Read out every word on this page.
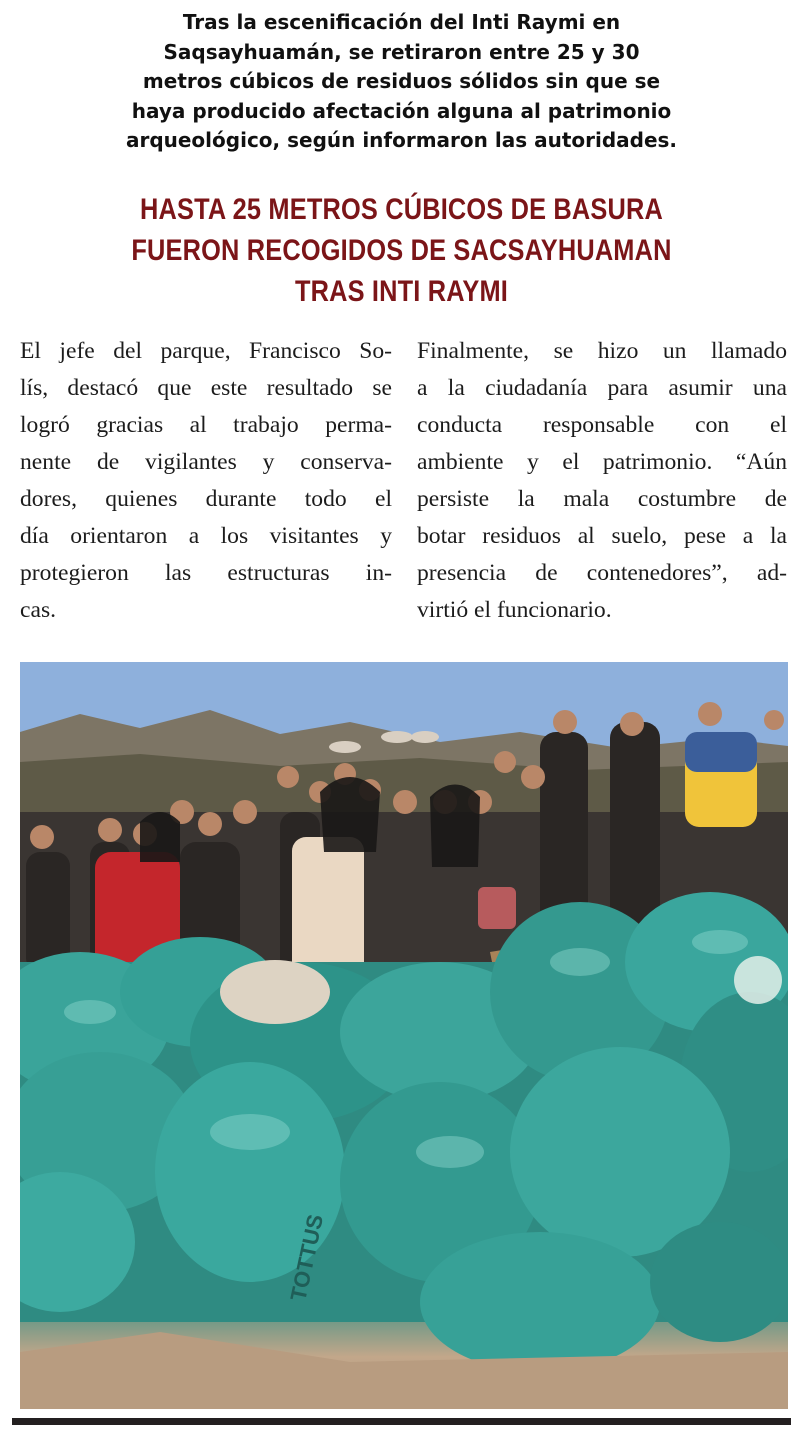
Tras la escenificación del Inti Raymi en
Saqsayhuamán, se retiraron entre 25 y 30
metros cúbicos de residuos sólidos sin que se
haya producido afectación alguna al patrimonio
arqueológico, según informaron las autoridades.
HASTA 25 METROS CÚBICOS DE BASURA
FUERON RECOGIDOS DE SACSAYHUAMAN
TRAS INTI RAYMI
El jefe del parque, Francisco So-
lís, destacó que este resultado se
logró gracias al trabajo perma-
nente de vigilantes y conserva-
dores, quienes durante todo el
día orientaron a los visitantes y
protegieron las estructuras in-
cas.
Finalmente, se hizo un llamado
a la ciudadanía para asumir una
conducta responsable con el
ambiente y el patrimonio. “Aún
persiste la mala costumbre de
botar residuos al suelo, pese a la
presencia de contenedores”, ad-
virtió el funcionario.
TOTTUS
